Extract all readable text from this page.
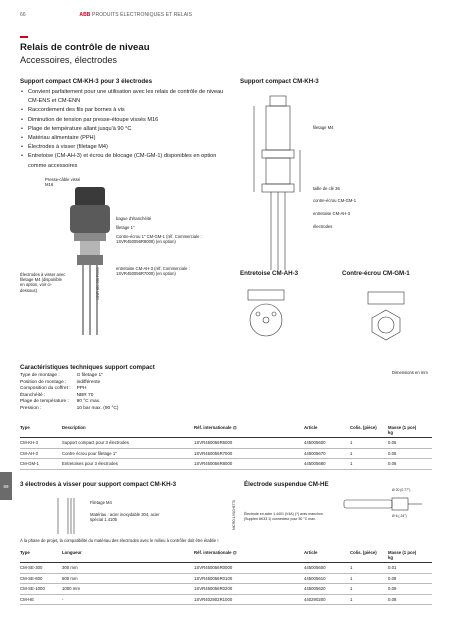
66	ABB PRODUITS ÉLECTRONIQUES ET RELAIS
Relais de contrôle de niveau
Accessoires, électrodes
Support compact CM-KH-3 pour 3 électrodes
• Convient parfaitement pour une utilisation avec les relais de contrôle de niveau CM-ENS et CM-ENN
• Raccordement des fils par bornes à vis
• Diminution de tension par presse-étoupe vissés M16
• Plage de température allant jusqu'à 90 °C
• Matériau alimentaire (PPH)
• Électrodes à visser (filetage M4)
• Entretoise (CM-AH-3) et écrou de blocage (CM-GM-1) disponibles en option comme accessoires
Presse-câble vissé M16
Électrodes à visser avec filetage M4 (disponible en option, voir ci-dessous)
bague d'étanchéité
filetage 1"
Contre-écrou 1" CM-GM-1 (réf. Commerciale : 1SVR450056R8000) (en option)
entretoise CM-AH-3 (réf. Commerciale : 1SVR450056R7000) (en option)
1SVR 450 056 F0000
Support compact CM-KH-3
filetage M4
taille de clé 36
contre-écrou CM-GM-1
entretoise CM-AH-3
électrodes
Entretoise CM-AH-3	Contre-écrou CM-GM-1
Dimensions en mm
Caractéristiques techniques support compact
Type de montage :	G filetage 1"
Position de montage :	indifférente
Composition du coffret :	PPH
Étanchéité :	NBR 70
Plage de température :	90 °C max.
Pression :	10 bar max. (90 °C)
Type	Description	Réf. internationale @	Article	Colis. (pièce)	Masse (1 pce)
kg
CM-KH-3	Support compact pour 3 électrodes	1SVR450056R6000	445005600	1	0.06
CM-AH-3	Contre écrou pour filetage 1"	1SVR450056R7000	445005670	1	0.06
CM-GM-1	Entretoises pour 3 électrodes	1SVR450056R8000	445005680	1	0.06
69	3 électrodes à visser pour support compact CM-KH-3	Électrode suspendue CM-HE
Filetage M4
Matériau : acier inoxydable 304, acier spécial 1.4105	MICRO 1.5SCH6770
Ø 20 (0.77")
Ø 6 (.24")
Électrode en acier 1.4401 (V4A) (?) avec manchon (Supplen 6K33 1) connecteur pour 50 °C max.
À la phase de projet, la compatibilité du matériau des électrodes avec le milieu à contrôler doit être établie !
Type	Longueur	Réf. internationale @	Article	Colis. (pièce)	Masse (1 pce)
kg
CM-SE-300	300 mm	1SVR450056R0000	445005600	1	0.01
CM-SE-600	600 mm	1SVR450056R0100	445005610	1	0.08
CM-SE-1000	1000 mm	1SVR450056R0200	445005620	1	0.09
CM-HE	-	1SVR402902R1000	440290200	1	0.08
